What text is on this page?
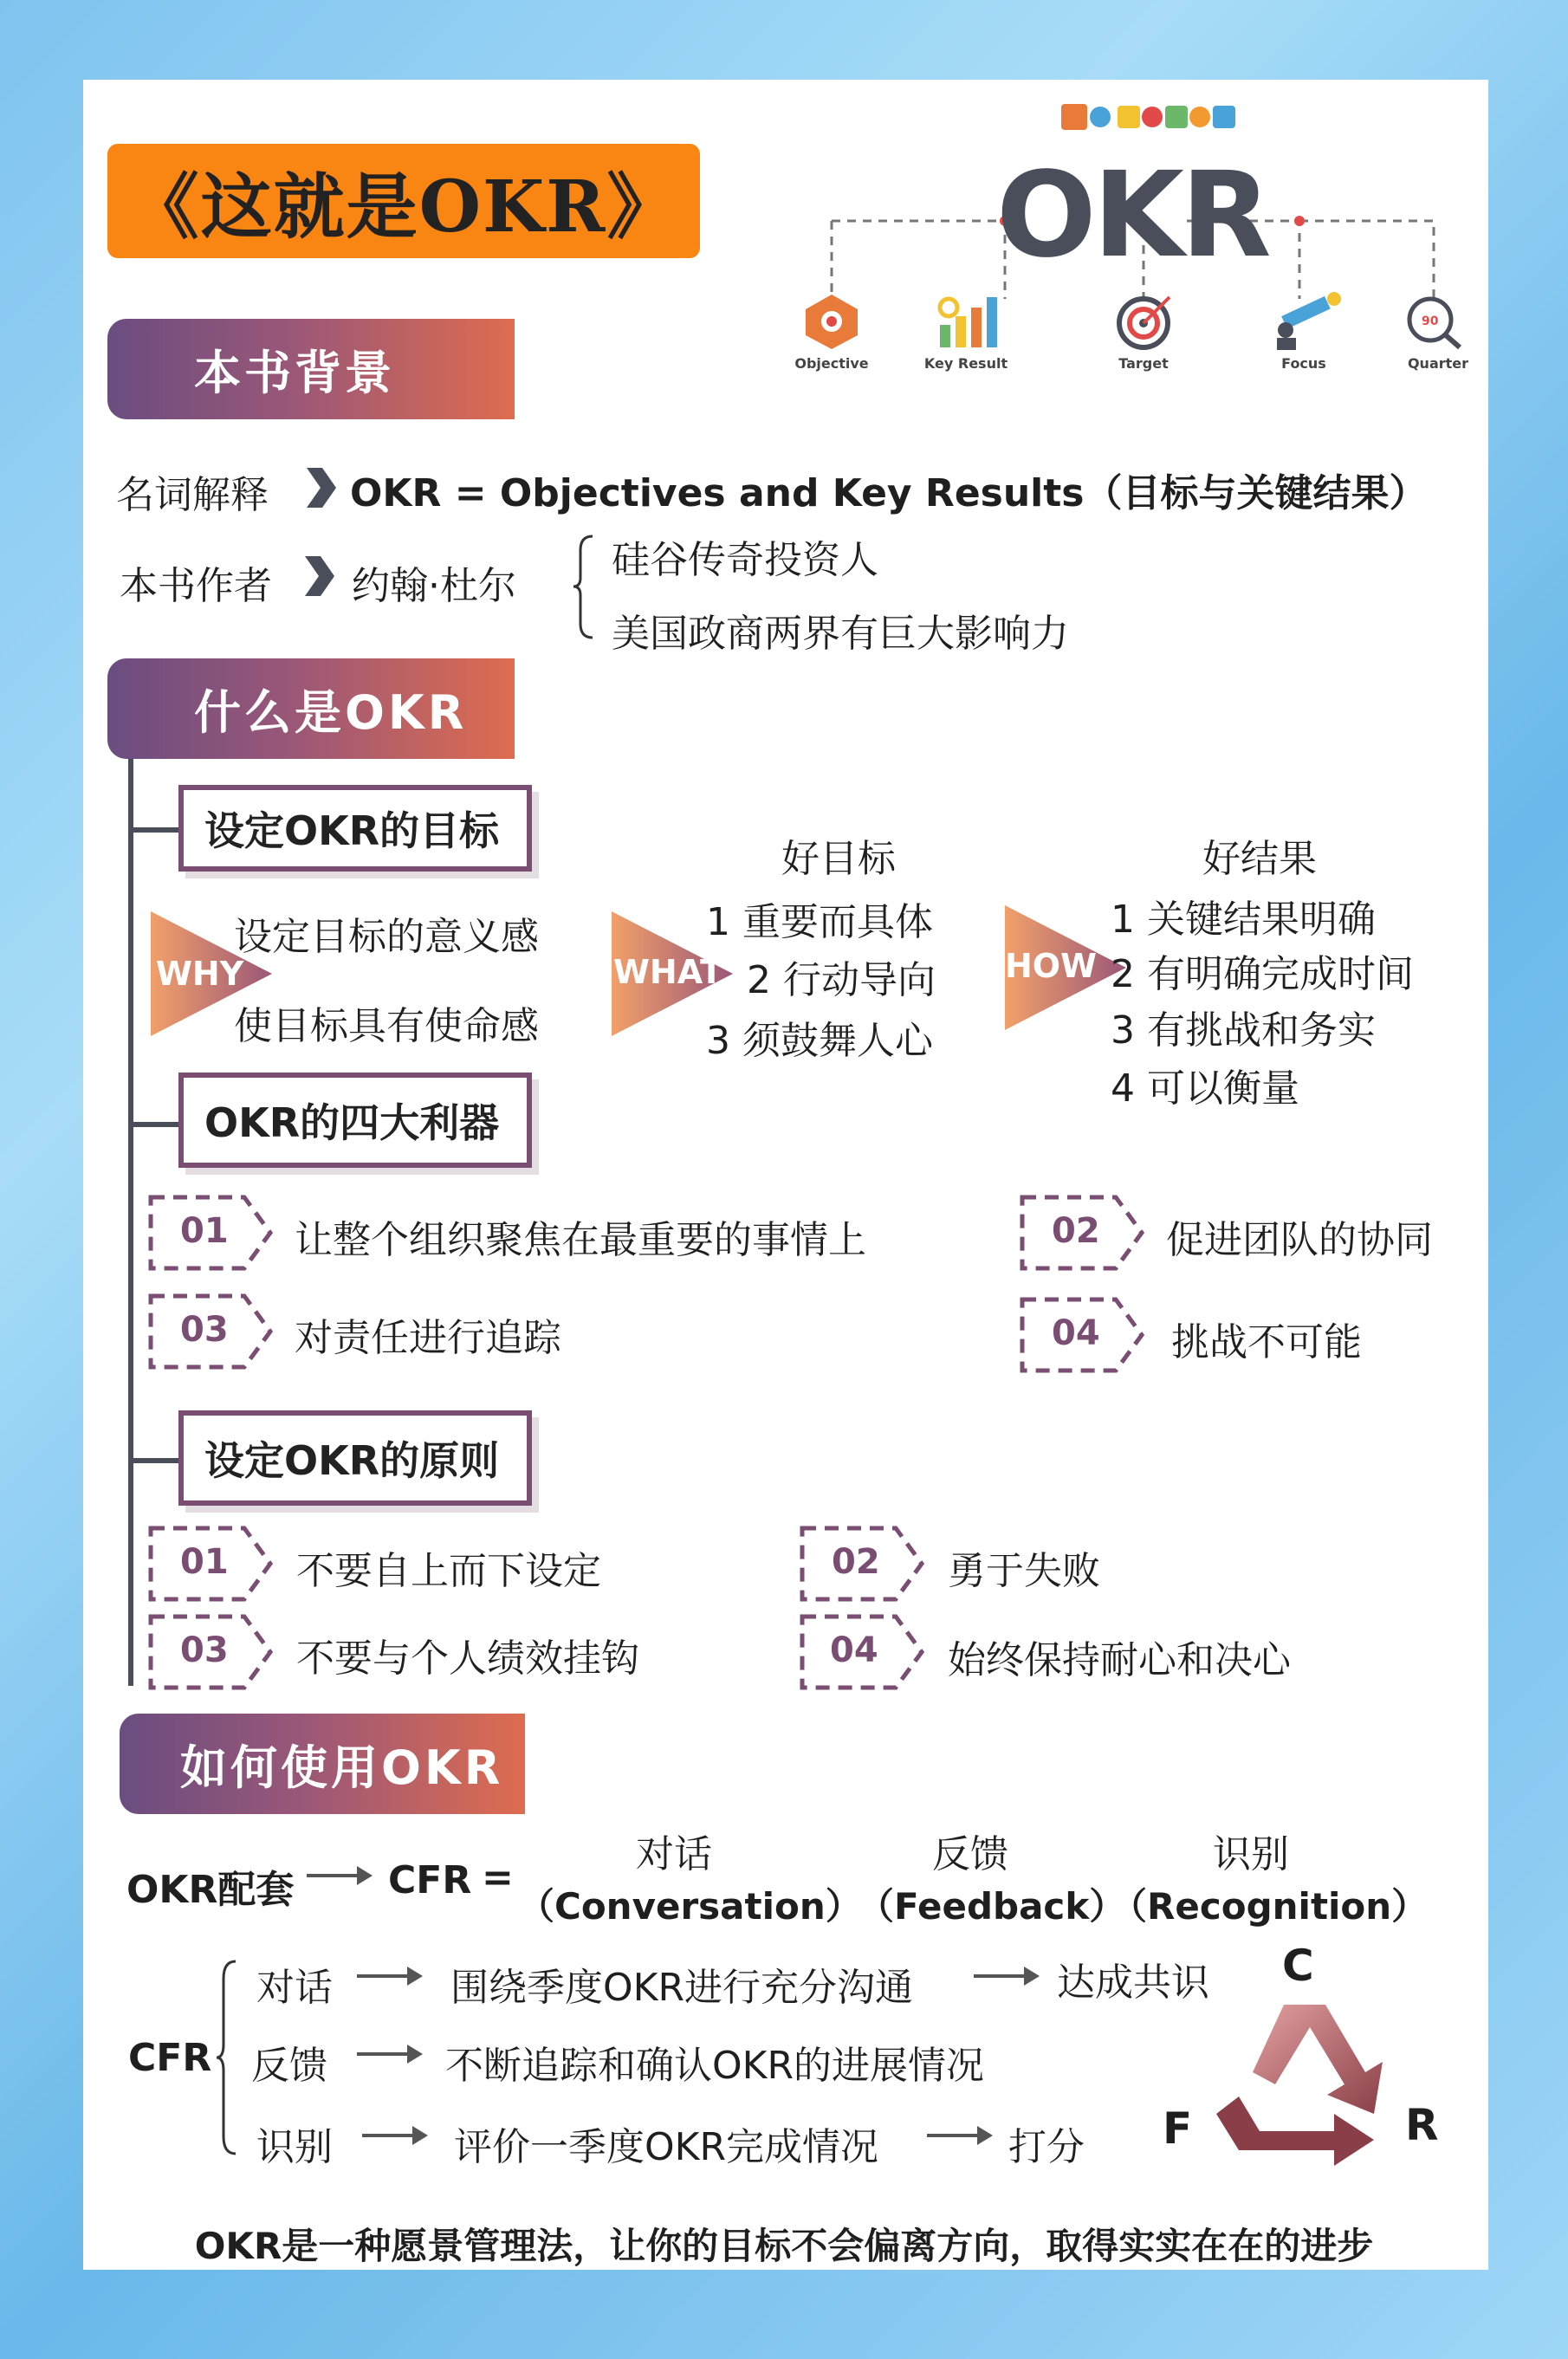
《这就是OKR》	OKR
Objective	Key Result	Target	Focus
90
Quarter
本书背景
名词解释 OKR = Objectives and Key Results（目标与关键结果）
本书作者 约翰·杜尔
硅谷传奇投资人
美国政商两界有巨大影响力
什么是OKR
设定OKR的目标
WHY
设定目标的意义感
使目标具有使命感
WHAT
好目标
1 重要而具体
2 行动导向
3 须鼓舞人心
HOW
好结果
1 关键结果明确
2 有明确完成时间
3 有挑战和务实
4 可以衡量
OKR的四大利器
01 让整个组织聚焦在最重要的事情上	02 促进团队的协同
03 对责任进行追踪	04 挑战不可能
设定OKR的原则
01 不要自上而下设定	02 勇于失败
03 不要与个人绩效挂钩	04 始终保持耐心和决心
如何使用OKR
OKR配套 CFR =
对话
（Conversation）
反馈
（Feedback）
识别
（Recognition）
CFR
对话	围绕季度OKR进行充分沟通	达成共识
反馈	不断追踪和确认OKR的进展情况
识别	评价一季度OKR完成情况	打分
C
F	R
OKR是一种愿景管理法，让你的目标不会偏离方向，取得实实在在的进步
